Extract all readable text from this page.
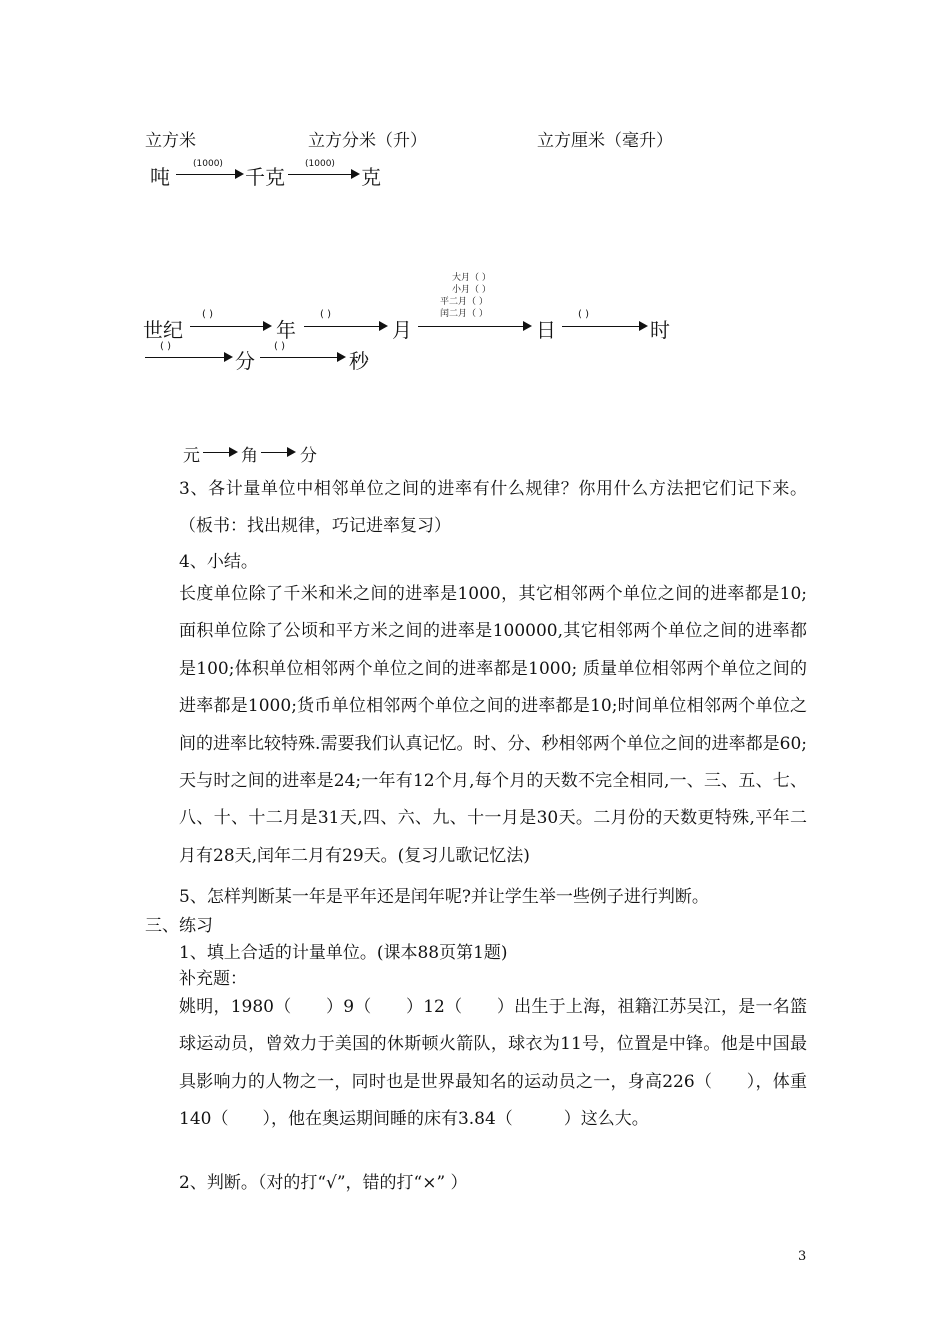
立方米	立方分米（升）	立方厘米（毫升）
吨
(1000)
千克
(1000)
克
世纪
( )
年
( )
月
大月（ ）
小月（ ）
平二月（ ）
闰二月（ ）
日
( )
时
( )
分
( )
秒
元 角 分
3、各计量单位中相邻单位之间的进率有什么规律？你用什么方法把它们记下来。（板书：找出规律，巧记进率复习）
4、小结。
长度单位除了千米和米之间的进率是1000，其它相邻两个单位之间的进率都是10;面积单位除了公顷和平方米之间的进率是100000,其它相邻两个单位之间的进率都是100;体积单位相邻两个单位之间的进率都是1000; 质量单位相邻两个单位之间的进率都是1000;货币单位相邻两个单位之间的进率都是10;时间单位相邻两个单位之间的进率比较特殊.需要我们认真记忆。时、分、秒相邻两个单位之间的进率都是60;天与时之间的进率是24;一年有12个月,每个月的天数不完全相同,一、三、五、七、八、十、十二月是31天,四、六、九、十一月是30天。二月份的天数更特殊,平年二月有28天,闰年二月有29天。(复习儿歌记忆法)
5、怎样判断某一年是平年还是闰年呢?并让学生举一些例子进行判断。
三、练习
1、填上合适的计量单位。(课本88页第1题)
补充题：
姚明，1980（　　）9（　　）12（　　）出生于上海，祖籍江苏吴江，是一名篮球运动员，曾效力于美国的休斯顿火箭队，球衣为11号，位置是中锋。他是中国最具影响力的人物之一，同时也是世界最知名的运动员之一，身高226（　　），体重140（　　），他在奥运期间睡的床有3.84（　　　）这么大。
2、判断。（对的打“√”，错的打“×” ）
3
